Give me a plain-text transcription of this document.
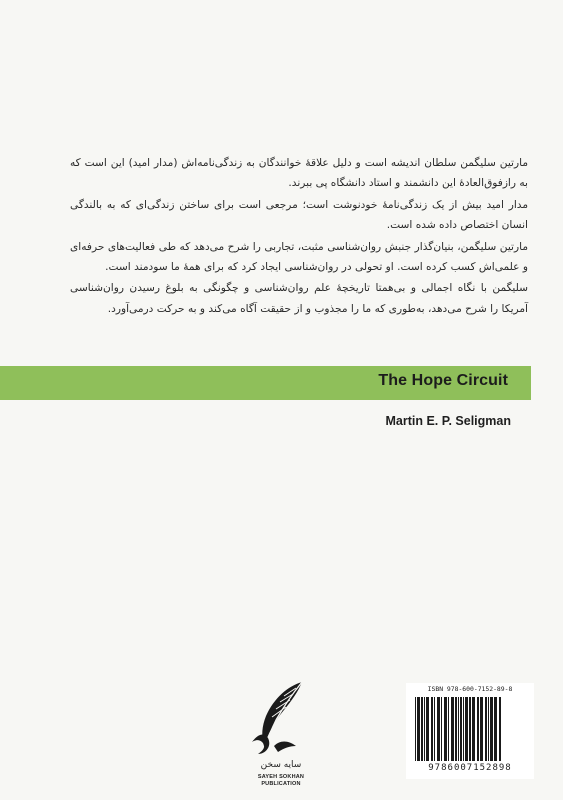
مارتین سلیگمن سلطان اندیشه است و دلیل علاقهٔ خوانندگان به زندگی‌نامه‌اش (مدار امید) این است که به رازفوق‌العادهٔ این دانشمند و استاد دانشگاه پی ببرند.

مدار امید بیش از یک زندگی‌نامهٔ خودنوشت است؛ مرجعی است برای ساختن زندگی‌ای که به بالندگی انسان اختصاص داده شده است.

مارتین سلیگمن، بنیان‌گذار جنبش روان‌شناسی مثبت، تجاربی را شرح می‌دهد که طی فعالیت‌های حرفه‌ای و علمی‌اش کسب کرده است. او تحولی در روان‌شناسی ایجاد کرد که برای همهٔ ما سودمند است.

سلیگمن با نگاه اجمالی و بی‌همتا تاریخچهٔ علم روان‌شناسی و چگونگی به بلوغ رسیدن روان‌شناسی آمریکا را شرح می‌دهد، به‌طوری که ما را مجذوب و از حقیقت آگاه می‌کند و به حرکت درمی‌آورد.

The Hope Circuit
Martin E. P. Seligman
سایه سخن
SAYEH SOKHAN
PUBLICATION
ISBN 978-600-7152-89-8
9786007152898
